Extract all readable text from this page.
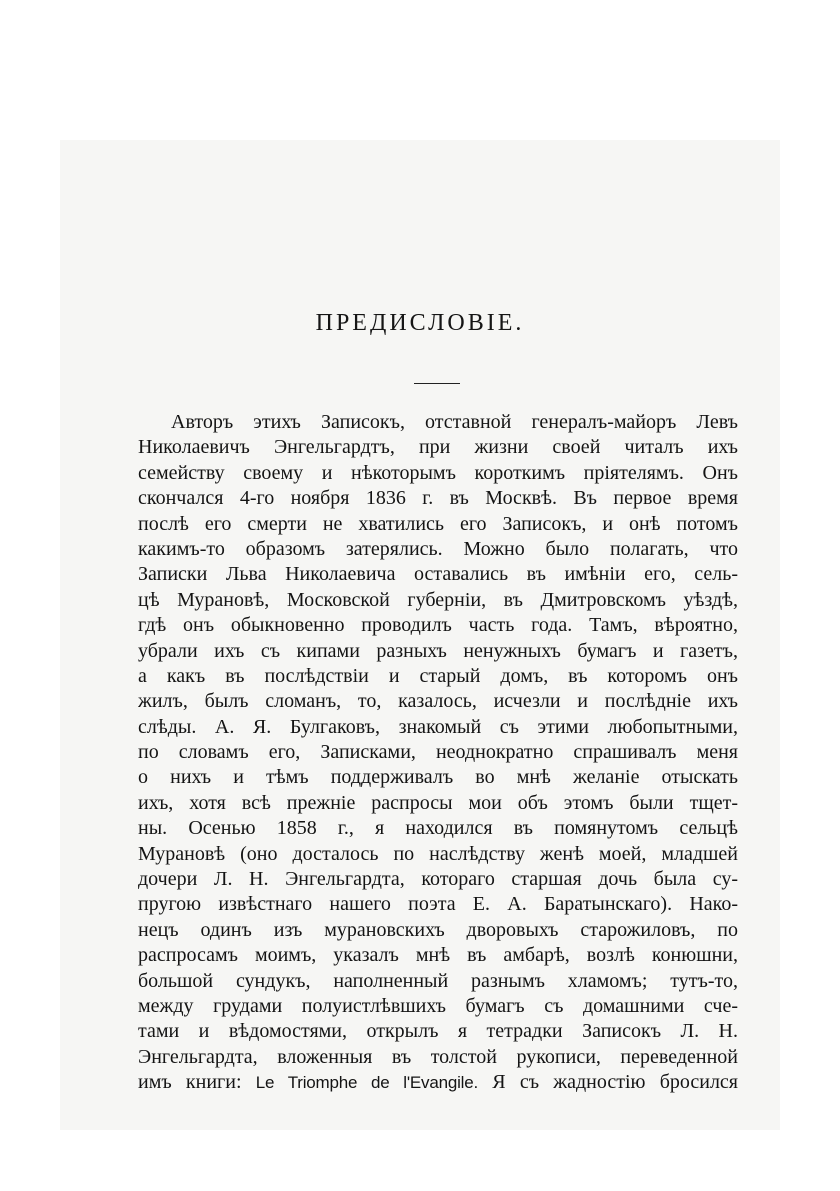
ПРЕДИСЛОВІЕ.
Авторъ этихъ Записокъ, отставной генералъ-майоръ Левъ
Николаевичъ Энгельгардтъ, при жизни своей читалъ ихъ
семейству своему и нѣкоторымъ короткимъ пріятелямъ. Онъ
скончался 4-го ноября 1836 г. въ Москвѣ. Въ первое время
послѣ его смерти не хватились его Записокъ, и онѣ потомъ
какимъ-то образомъ затерялись. Можно было полагать, что
Записки Льва Николаевича оставались въ имѣніи его, сель-
цѣ Мурановѣ, Московской губерніи, въ Дмитровскомъ уѣздѣ,
гдѣ онъ обыкновенно проводилъ часть года. Тамъ, вѣроятно,
убрали ихъ съ кипами разныхъ ненужныхъ бумагъ и газетъ,
а какъ въ послѣдствіи и старый домъ, въ которомъ онъ
жилъ, былъ сломанъ, то, казалось, исчезли и послѣдніе ихъ
слѣды. А. Я. Булгаковъ, знакомый съ этими любопытными,
по словамъ его, Записками, неоднократно спрашивалъ меня
о нихъ и тѣмъ поддерживалъ во мнѣ желаніе отыскать
ихъ, хотя всѣ прежніе распросы мои объ этомъ были тщет-
ны. Осенью 1858 г., я находился въ помянутомъ сельцѣ
Мурановѣ (оно досталось по наслѣдству женѣ моей, младшей
дочери Л. Н. Энгельгардта, котораго старшая дочь была су-
пругою извѣстнаго нашего поэта Е. А. Баратынскаго). Нако-
нецъ одинъ изъ мурановскихъ дворовыхъ старожиловъ, по
распросамъ моимъ, указалъ мнѣ въ амбарѣ, возлѣ конюшни,
большой сундукъ, наполненный разнымъ хламомъ; тутъ-то,
между грудами полуистлѣвшихъ бумагъ съ домашними сче-
тами и вѣдомостями, открылъ я тетрадки Записокъ Л. Н.
Энгельгардта, вложенныя въ толстой рукописи, переведенной
имъ книги: Le Triomphe de l'Evangile. Я съ жадностію бросился
